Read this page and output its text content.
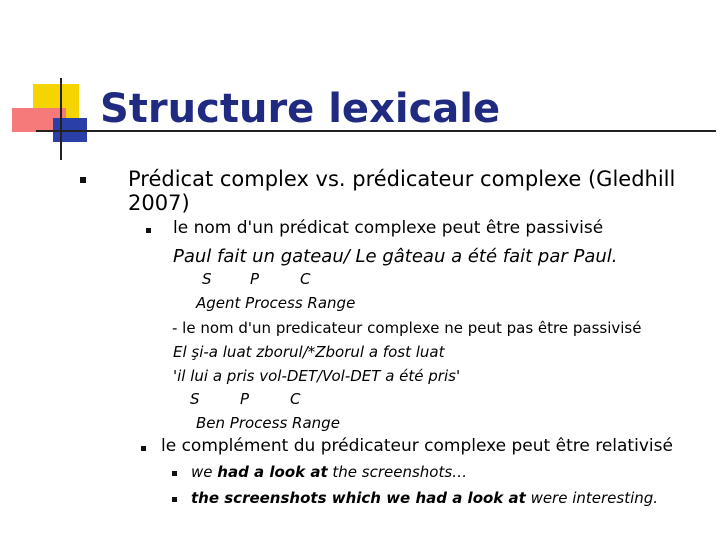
Structure lexicale
Prédicat complex vs. prédicateur complexe (Gledhill
2007)
le nom d'un prédicat complexe peut être passivisé
Paul fait un gateau/ Le gâteau a été fait par Paul.
S	P	C
Agent Process Range
- le nom d'un predicateur complexe ne peut pas être passivisé
El şi-a luat zborul/*Zborul a fost luat
'il lui a pris vol-DET/Vol-DET a été pris'
S	P	C
Ben Process Range
le complément du prédicateur complexe peut être relativisé
we had a look at the screenshots…
the screenshots which we had a look at were interesting.
